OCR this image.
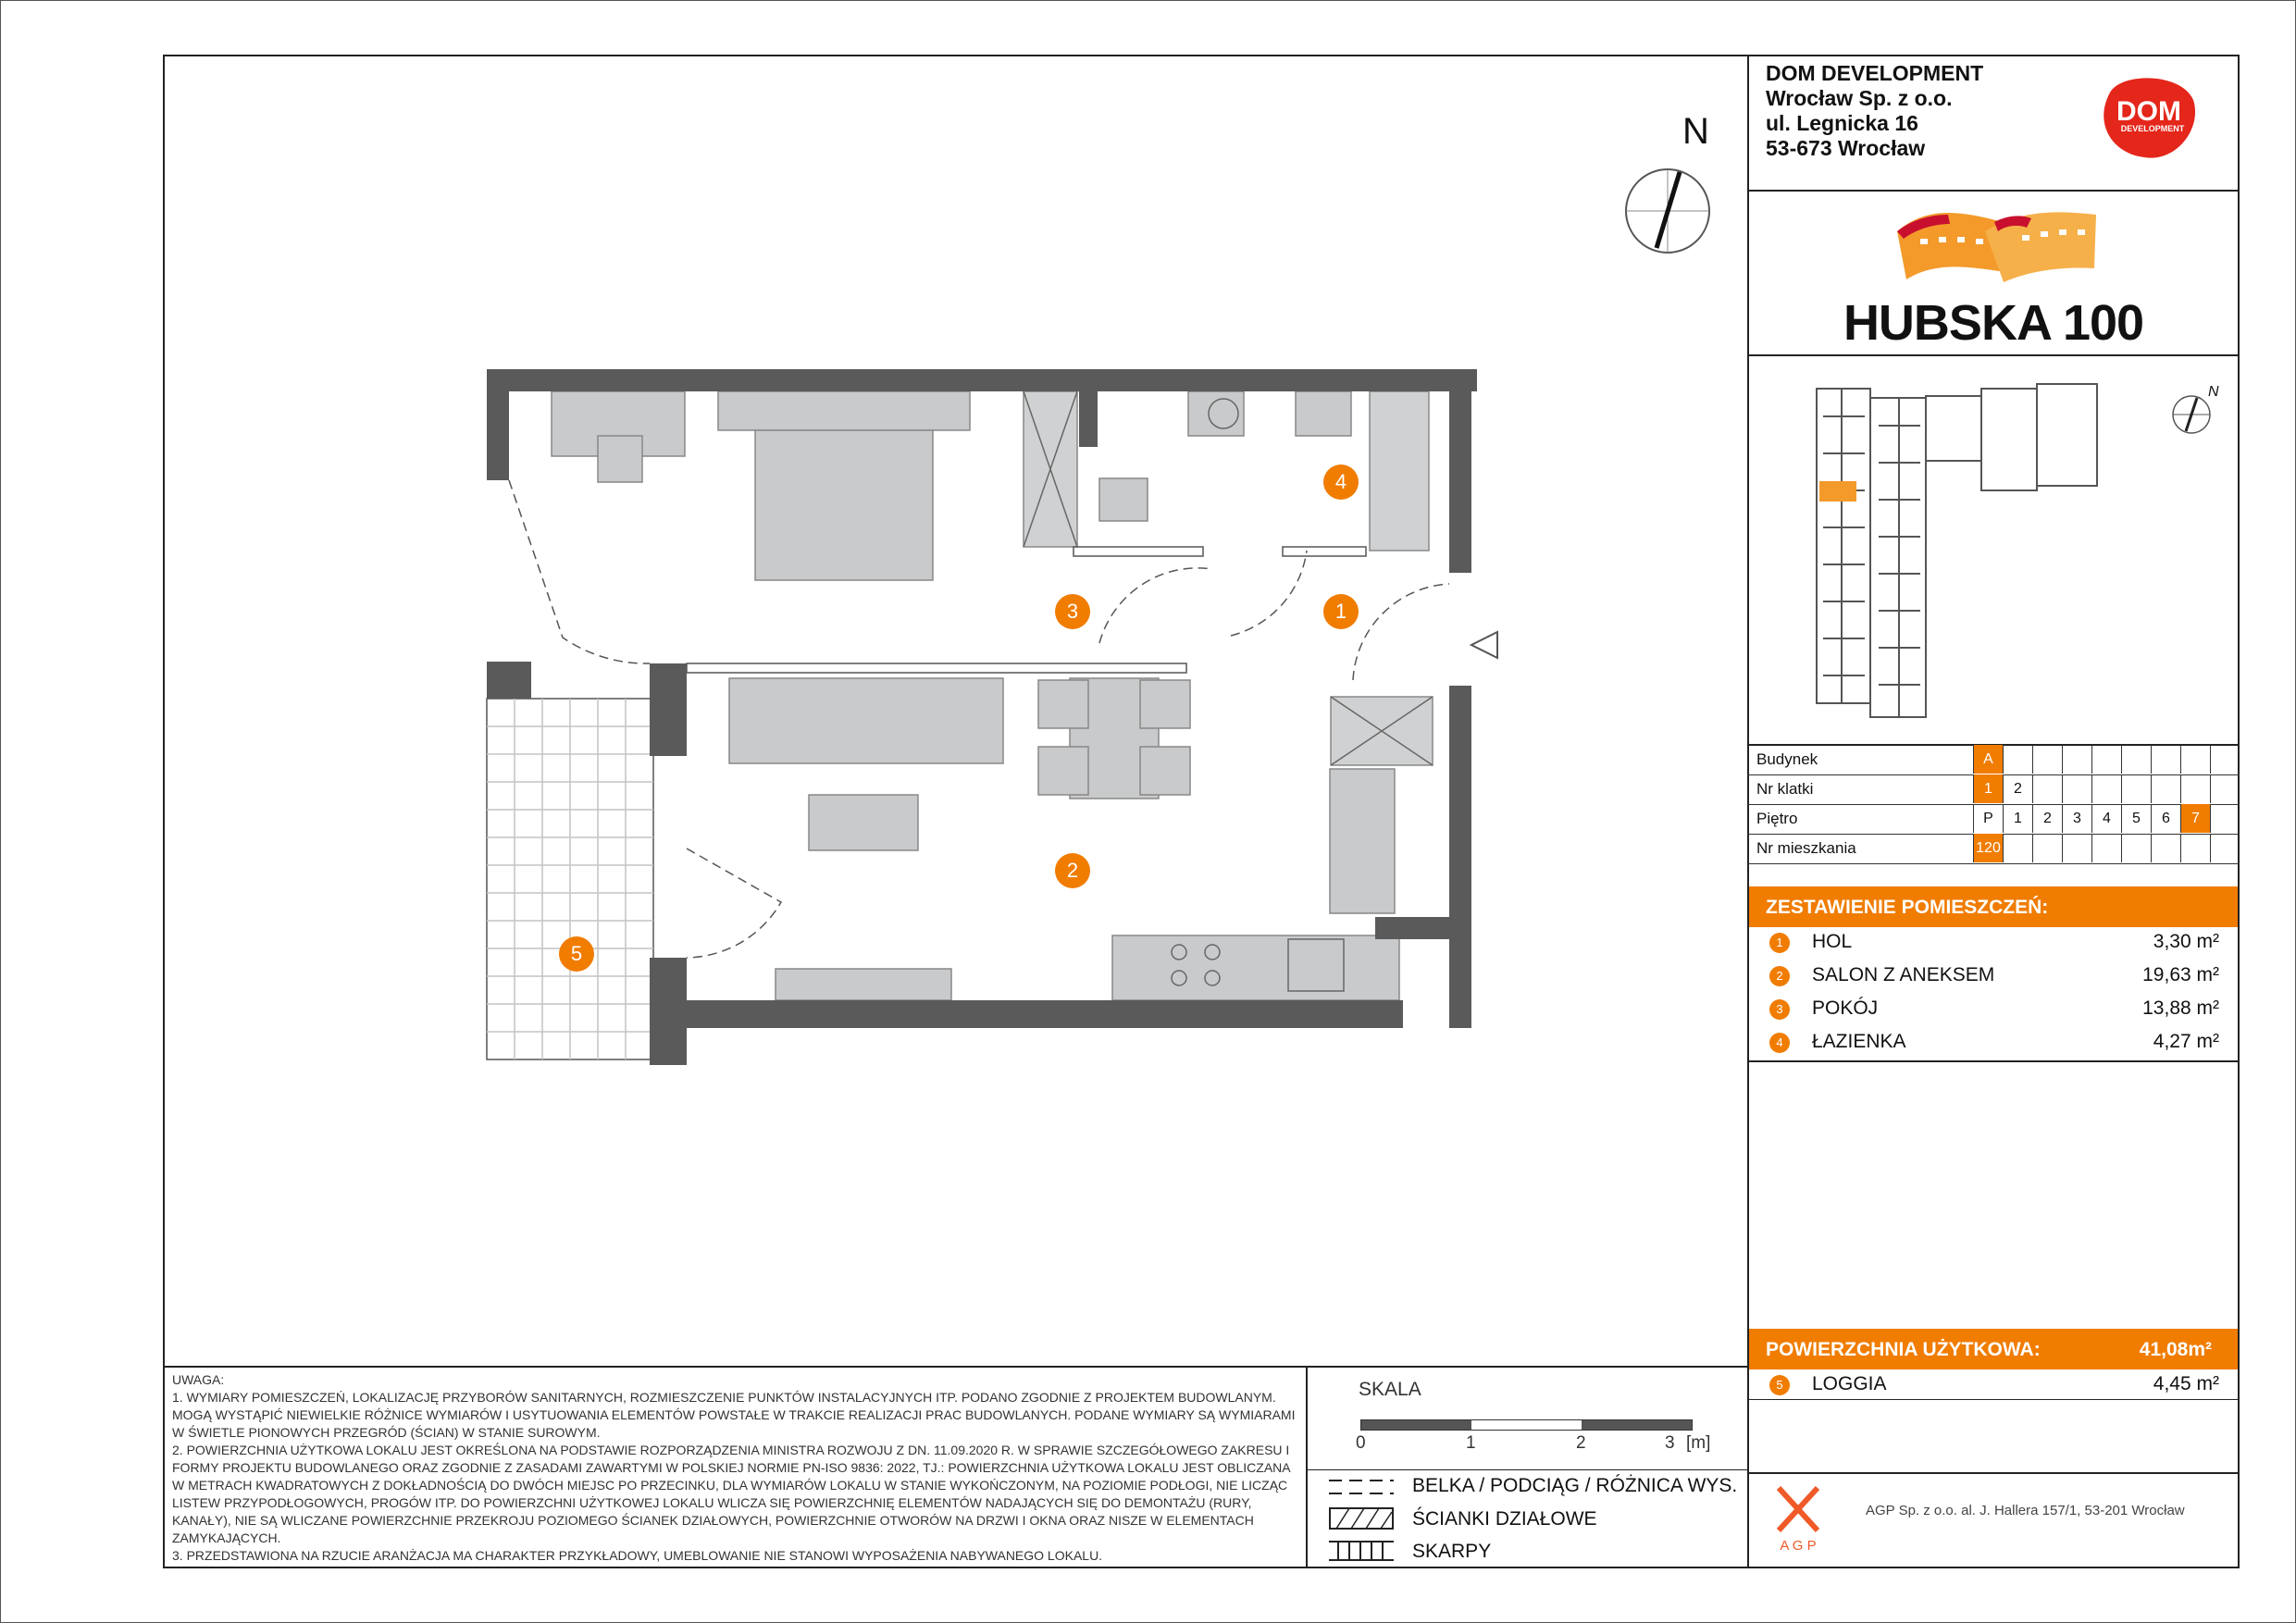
DOM DEVELOPMENT
Wrocław Sp. z o.o.
ul. Legnicka 16
53-673 Wrocław
DOM
DEVELOPMENT
HUBSKA 100
N
Budynek	A
Nr klatki	1	2
Piętro	P	1	2	3	4	5	6	7
Nr mieszkania	120
ZESTAWIENIE POMIESZCZEŃ:
1	HOL	3,30 m²
2	SALON Z ANEKSEM	19,63 m²
3	POKÓJ	13,88 m²
4	ŁAZIENKA	4,27 m²
POWIERZCHNIA UŻYTKOWA:	41,08m²
5	LOGGIA	4,45 m²
A G P
AGP Sp. z o.o. al. J. Hallera 157/1, 53-201 Wrocław
UWAGA:
1. WYMIARY POMIESZCZEŃ, LOKALIZACJĘ PRZYBORÓW SANITARNYCH, ROZMIESZCZENIE PUNKTÓW INSTALACYJNYCH ITP. PODANO ZGODNIE Z PROJEKTEM BUDOWLANYM. MOGĄ WYSTĄPIĆ NIEWIELKIE RÓŻNICE WYMIARÓW I USYTUOWANIA ELEMENTÓW POWSTAŁE W TRAKCIE REALIZACJI PRAC BUDOWLANYCH. PODANE WYMIARY SĄ WYMIARAMI W ŚWIETLE PIONOWYCH PRZEGRÓD (ŚCIAN) W STANIE SUROWYM.
2. POWIERZCHNIA UŻYTKOWA LOKALU JEST OKREŚLONA NA PODSTAWIE ROZPORZĄDZENIA MINISTRA ROZWOJU Z DN. 11.09.2020 R. W SPRAWIE SZCZEGÓŁOWEGO ZAKRESU I FORMY PROJEKTU BUDOWLANEGO ORAZ ZGODNIE Z ZASADAMI ZAWARTYMI W POLSKIEJ NORMIE PN-ISO 9836: 2022, TJ.: POWIERZCHNIA UŻYTKOWA LOKALU JEST OBLICZANA W METRACH KWADRATOWYCH Z DOKŁADNOŚCIĄ DO DWÓCH MIEJSC PO PRZECINKU, DLA WYMIARÓW LOKALU W STANIE WYKOŃCZONYM, NA POZIOMIE PODŁOGI, NIE LICZĄC LISTEW PRZYPODŁOGOWYCH, PROGÓW ITP. DO POWIERZCHNI UŻYTKOWEJ LOKALU WLICZA SIĘ POWIERZCHNIĘ ELEMENTÓW NADAJĄCYCH SIĘ DO DEMONTAŻU (RURY, KANAŁY), NIE SĄ WLICZANE POWIERZCHNIE PRZEKROJU POZIOMEGO ŚCIANEK DZIAŁOWYCH, POWIERZCHNIE OTWORÓW NA DRZWI I OKNA ORAZ NISZE W ELEMENTACH ZAMYKAJĄCYCH.
3. PRZEDSTAWIONA NA RZUCIE ARANŻACJA MA CHARAKTER PRZYKŁADOWY, UMEBLOWANIE NIE STANOWI WYPOSAŻENIA NABYWANEGO LOKALU.
SKALA
0	1	2	3 [m]
BELKA / PODCIĄG / RÓŻNICA WYS.
ŚCIANKI DZIAŁOWE
SKARPY
N
1
2
3
4
5
